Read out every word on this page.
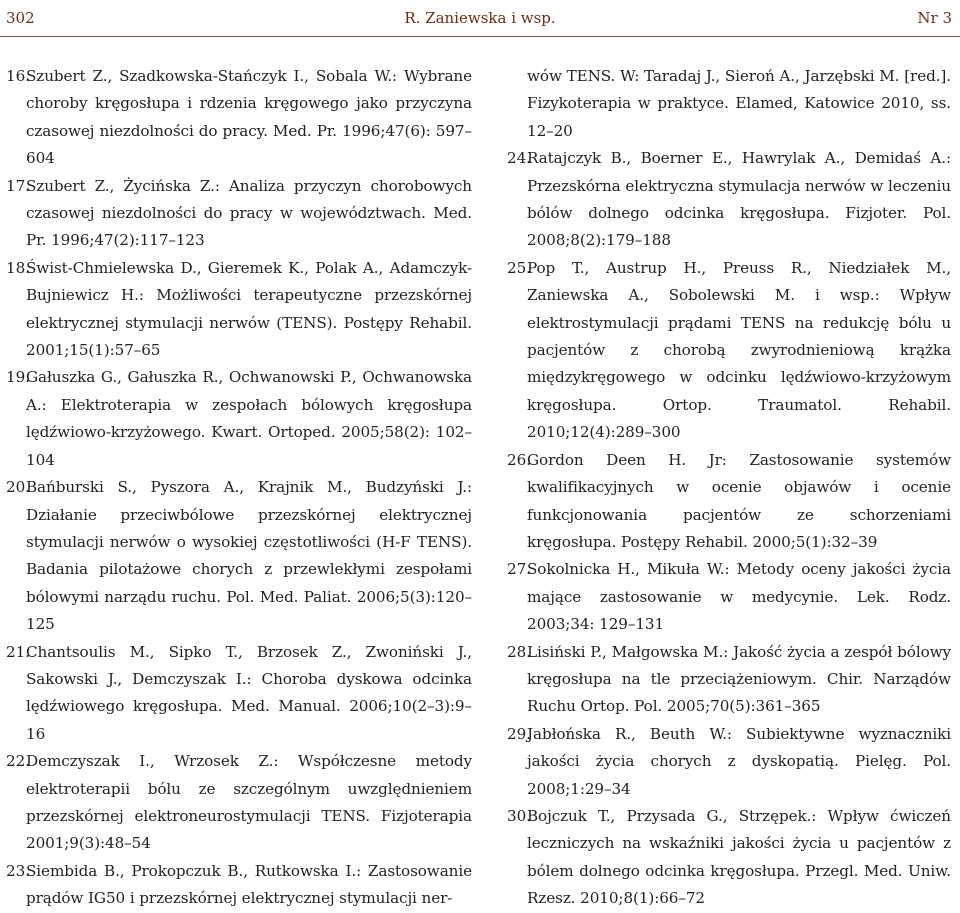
R. Zaniewska i wsp.
302	Nr 3

16.
Szubert Z., Szadkowska-Stańczyk I., Sobala W.: Wybrane choroby kręgosłupa i rdzenia kręgowego jako przyczyna czasowej niezdolności do pracy. Med. Pr. 1996;47(6): 597–604

17.
Szubert Z., Życińska Z.: Analiza przyczyn chorobowych czasowej niezdolności do pracy w województwach. Med. Pr. 1996;47(2):117–123

18.
Świst-Chmielewska D., Gieremek K., Polak A., Adamczyk-Bujniewicz H.: Możliwości terapeutyczne przezskórnej elektrycznej stymulacji nerwów (TENS). Postępy Rehabil. 2001;15(1):57–65

19.
Gałuszka G., Gałuszka R., Ochwanowski P., Ochwanowska A.: Elektroterapia w zespołach bólowych kręgosłupa lędźwiowo-krzyżowego. Kwart. Ortoped. 2005;58(2): 102–104

20.
Bańburski S., Pyszora A., Krajnik M., Budzyński J.: Działanie przeciwbólowe przezskórnej elektrycznej stymulacji nerwów o wysokiej częstotliwości (H-F TENS). Badania pilotażowe chorych z przewlekłymi zespołami bólowymi narządu ruchu. Pol. Med. Paliat. 2006;5(3):120–125

21.
Chantsoulis M., Sipko T., Brzosek Z., Zwoniński J., Sakowski J., Demczyszak I.: Choroba dyskowa odcinka lędźwiowego kręgosłupa. Med. Manual. 2006;10(2–3):9–16

22.
Demczyszak I., Wrzosek Z.: Współczesne metody elektroterapii bólu ze szczególnym uwzględnieniem przezskórnej elektroneurostymulacji TENS. Fizjoterapia 2001;9(3):48–54

23.
Siembida B., Prokopczuk B., Rutkowska I.: Zastosowanie prądów IG50 i przezskórnej elektrycznej stymulacji ner-

wów TENS. W: Taradaj J., Sieroń A., Jarzębski M. [red.]. Fizykoterapia w praktyce. Elamed, Katowice 2010, ss. 12–20

24.
Ratajczyk B., Boerner E., Hawrylak A., Demidaś A.: Przezskórna elektryczna stymulacja nerwów w leczeniu bólów dolnego odcinka kręgosłupa. Fizjoter. Pol. 2008;8(2):179–188

25.
Pop T., Austrup H., Preuss R., Niedziałek M., Zaniewska A., Sobolewski M. i wsp.: Wpływ elektrostymulacji prądami TENS na redukcję bólu u pacjentów z chorobą zwyrodnieniową krążka międzykręgowego w odcinku lędźwiowo-krzyżowym kręgosłupa. Ortop. Traumatol. Rehabil. 2010;12(4):289–300

26.
Gordon Deen H. Jr: Zastosowanie systemów kwalifikacyjnych w ocenie objawów i ocenie funkcjonowania pacjentów ze schorzeniami kręgosłupa. Postępy Rehabil. 2000;5(1):32–39

27.
Sokolnicka H., Mikuła W.: Metody oceny jakości życia mające zastosowanie w medycynie. Lek. Rodz. 2003;34: 129–131

28.
Lisiński P., Małgowska M.: Jakość życia a zespół bólowy kręgosłupa na tle przeciążeniowym. Chir. Narządów Ruchu Ortop. Pol. 2005;70(5):361–365

29.
Jabłońska R., Beuth W.: Subiektywne wyznaczniki jakości życia chorych z dyskopatią. Pielęg. Pol. 2008;1:29–34

30.
Bojczuk T., Przysada G., Strzępek.: Wpływ ćwiczeń leczniczych na wskaźniki jakości życia u pacjentów z bólem dolnego odcinka kręgosłupa. Przegl. Med. Uniw. Rzesz. 2010;8(1):66–72
